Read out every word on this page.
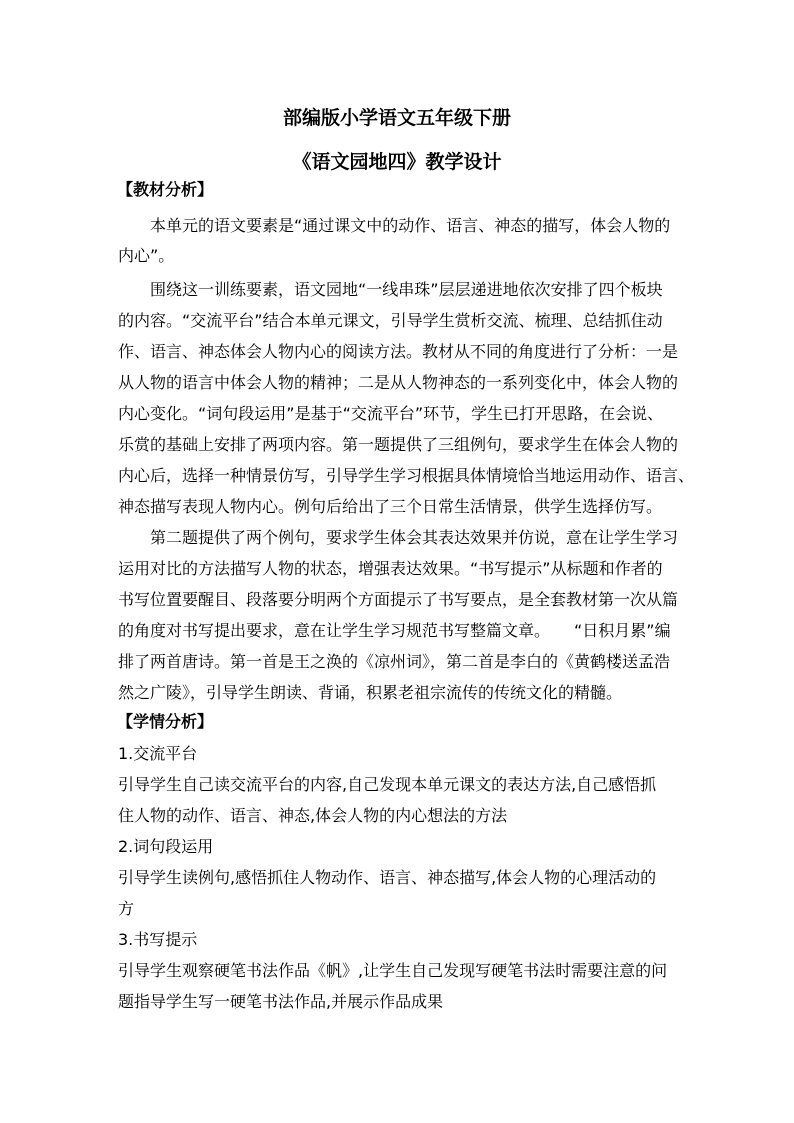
部编版小学语文五年级下册
《语文园地四》教学设计
【教材分析】
本单元的语文要素是“通过课文中的动作、语言、神态的描写，体会人物的
内心”。
围绕这一训练要素，语文园地“一线串珠”层层递进地依次安排了四个板块
的内容。“交流平台”结合本单元课文，引导学生赏析交流、梳理、总结抓住动
作、语言、神态体会人物内心的阅读方法。教材从不同的角度进行了分析：一是
从人物的语言中体会人物的精神；二是从人物神态的一系列变化中，体会人物的
内心变化。“词句段运用”是基于“交流平台”环节，学生已打开思路，在会说、
乐赏的基础上安排了两项内容。第一题提供了三组例句，要求学生在体会人物的
内心后，选择一种情景仿写，引导学生学习根据具体情境恰当地运用动作、语言、
神态描写表现人物内心。例句后给出了三个日常生活情景，供学生选择仿写。
第二题提供了两个例句，要求学生体会其表达效果并仿说，意在让学生学习
运用对比的方法描写人物的状态，增强表达效果。“书写提示”从标题和作者的
书写位置要醒目、段落要分明两个方面提示了书写要点，是全套教材第一次从篇
的角度对书写提出要求，意在让学生学习规范书写整篇文章。　　“日积月累”编
排了两首唐诗。第一首是王之涣的《凉州词》，第二首是李白的《黄鹤楼送孟浩
然之广陵》，引导学生朗读、背诵，积累老祖宗流传的传统文化的精髓。
【学情分析】
1.交流平台
引导学生自己读交流平台的内容,自己发现本单元课文的表达方法,自己感悟抓
住人物的动作、语言、神态,体会人物的内心想法的方法
2.词句段运用
引导学生读例句,感悟抓住人物动作、语言、神态描写,体会人物的心理活动的
方
3.书写提示
引导学生观察硬笔书法作品《帆》,让学生自己发现写硬笔书法时需要注意的问
题指导学生写一硬笔书法作品,并展示作品成果
